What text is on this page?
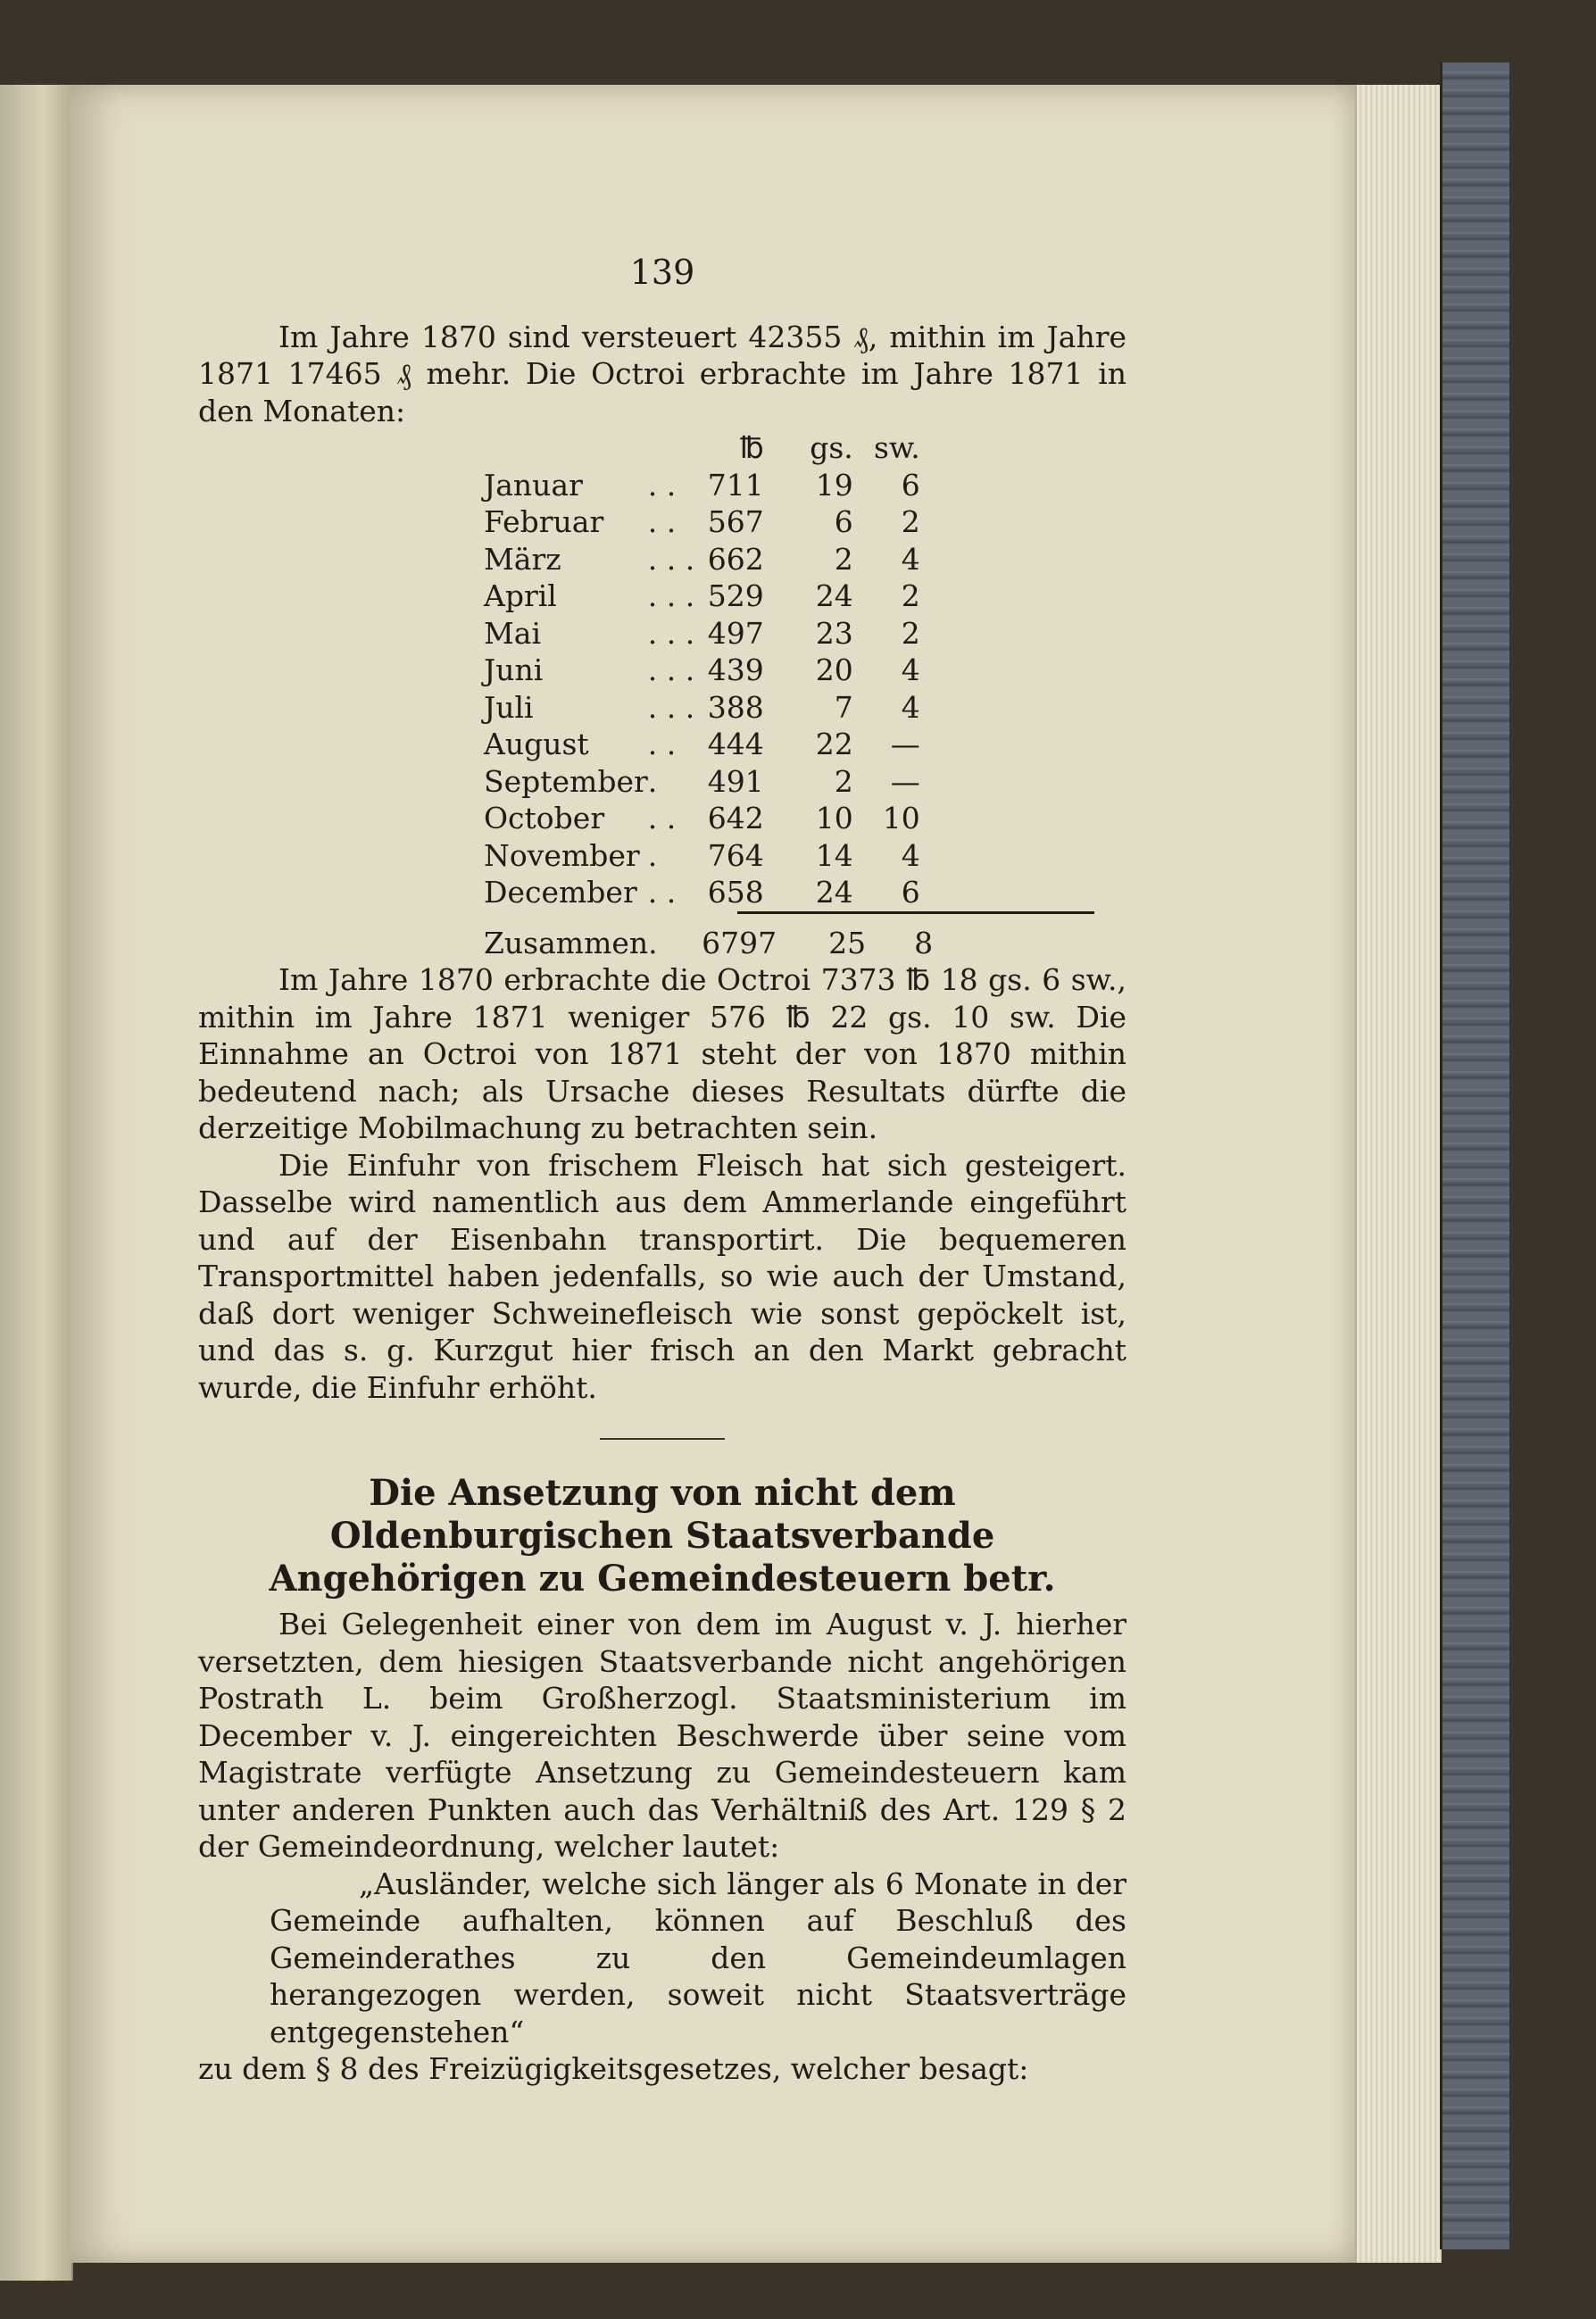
139

Im Jahre 1870 sind versteuert 42355 ₰, mithin im Jahre 1871 17465 ₰ mehr. Die Octroi erbrachte im Jahre 1871 in den Monaten:

		℔	gs.	sw.
Januar	. .	711	19	6
Februar	. .	567	6	2
März	. . .	662	2	4
April	. . .	529	24	2
Mai	. . .	497	23	2
Juni	. . .	439	20	4
Juli	. . .	388	7	4
August	. .	444	22	—
September	.	491	2	—
October	. .	642	10	10
November	.	764	14	4
December	. .	658	24	6
Zusammen	.	6797	25	8

Im Jahre 1870 erbrachte die Octroi 7373 ℔ 18 gs. 6 sw., mithin im Jahre 1871 weniger 576 ℔ 22 gs. 10 sw. Die Einnahme an Octroi von 1871 steht der von 1870 mithin bedeutend nach; als Ursache dieses Resultats dürfte die derzeitige Mobilmachung zu betrachten sein.

Die Einfuhr von frischem Fleisch hat sich gesteigert. Dasselbe wird namentlich aus dem Ammerlande eingeführt und auf der Eisenbahn transportirt. Die bequemeren Transportmittel haben jedenfalls, so wie auch der Umstand, daß dort weniger Schweinefleisch wie sonst gepöckelt ist, und das s. g. Kurzgut hier frisch an den Markt gebracht wurde, die Einfuhr erhöht.

Die Ansetzung von nicht dem Oldenburgischen Staatsverbande Angehörigen zu Gemeindesteuern betr.

Bei Gelegenheit einer von dem im August v. J. hierher versetzten, dem hiesigen Staatsverbande nicht angehörigen Postrath L. beim Großherzogl. Staatsministerium im December v. J. eingereichten Beschwerde über seine vom Magistrate verfügte Ansetzung zu Gemeindesteuern kam unter anderen Punkten auch das Verhältniß des Art. 129 § 2 der Gemeindeordnung, welcher lautet:

„Ausländer, welche sich länger als 6 Monate in der Gemeinde aufhalten, können auf Beschluß des Gemeinderathes zu den Gemeindeumlagen herangezogen werden, soweit nicht Staatsverträge entgegenstehen“

zu dem § 8 des Freizügigkeitsgesetzes, welcher besagt:
